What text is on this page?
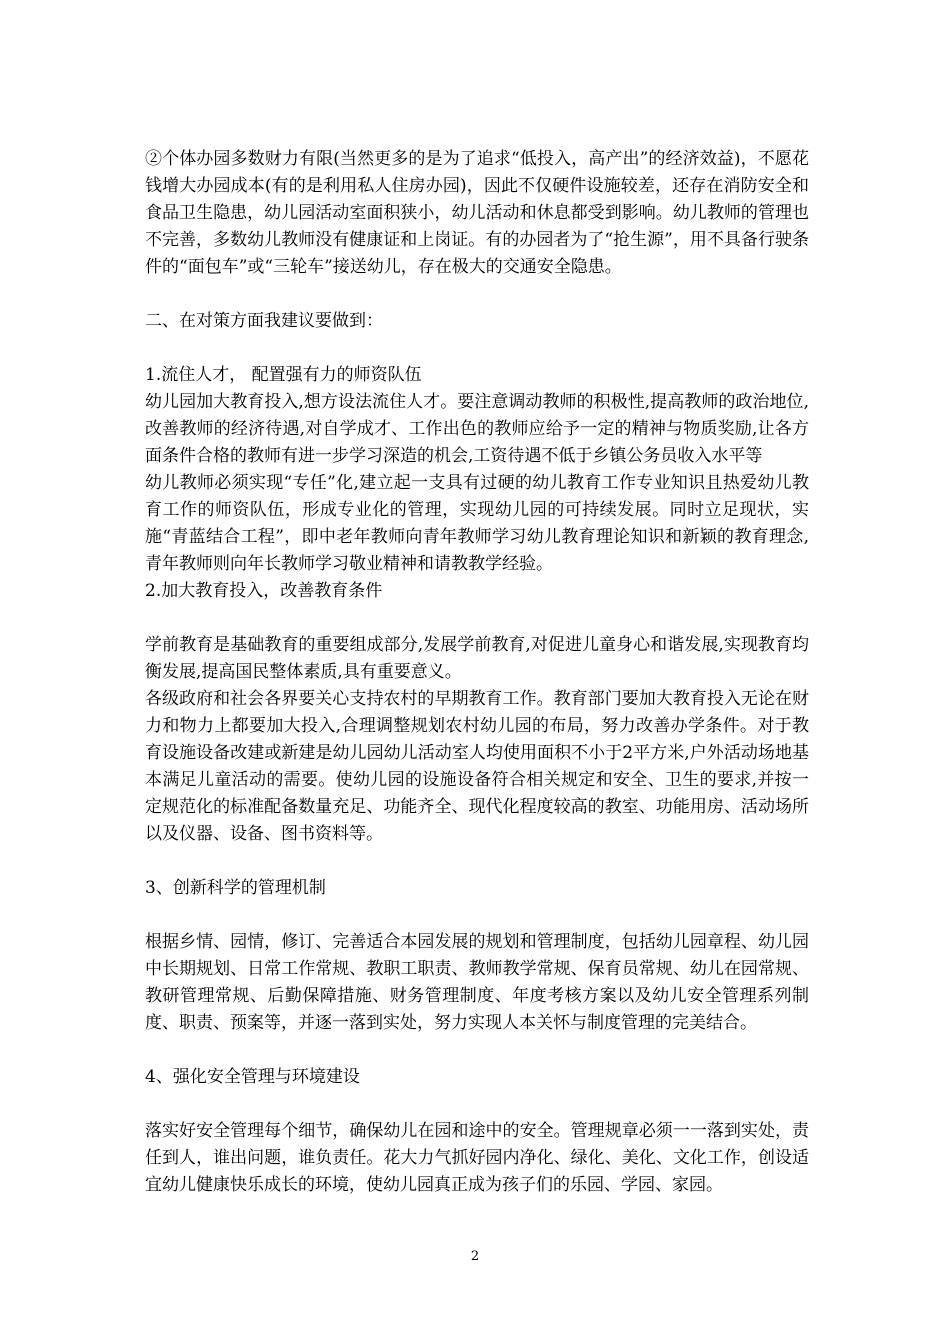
②个体办园多数财力有限(当然更多的是为了追求“低投入，高产出”的经济效益)，不愿花钱增大办园成本(有的是利用私人住房办园)，因此不仅硬件设施较差，还存在消防安全和食品卫生隐患，幼儿园活动室面积狭小，幼儿活动和休息都受到影响。幼儿教师的管理也不完善，多数幼儿教师没有健康证和上岗证。有的办园者为了“抢生源”，用不具备行驶条件的“面包车”或“三轮车”接送幼儿，存在极大的交通安全隐患。

二、在对策方面我建议要做到：

1.流住人才， 配置强有力的师资队伍

幼儿园加大教育投入,想方设法流住人才。要注意调动教师的积极性,提高教师的政治地位,改善教师的经济待遇,对自学成才、工作出色的教师应给予一定的精神与物质奖励,让各方面条件合格的教师有进一步学习深造的机会,工资待遇不低于乡镇公务员收入水平等

幼儿教师必须实现“专任”化,建立起一支具有过硬的幼儿教育工作专业知识且热爱幼儿教育工作的师资队伍，形成专业化的管理，实现幼儿园的可持续发展。同时立足现状，实施“青蓝结合工程”，即中老年教师向青年教师学习幼儿教育理论知识和新颖的教育理念,青年教师则向年长教师学习敬业精神和请教教学经验。

2.加大教育投入，改善教育条件

学前教育是基础教育的重要组成部分,发展学前教育,对促进儿童身心和谐发展,实现教育均衡发展,提高国民整体素质,具有重要意义。

各级政府和社会各界要关心支持农村的早期教育工作。教育部门要加大教育投入无论在财力和物力上都要加大投入,合理调整规划农村幼儿园的布局，努力改善办学条件。对于教育设施设备改建或新建是幼儿园幼儿活动室人均使用面积不小于2平方米,户外活动场地基本满足儿童活动的需要。使幼儿园的设施设备符合相关规定和安全、卫生的要求,并按一定规范化的标准配备数量充足、功能齐全、现代化程度较高的教室、功能用房、活动场所以及仪器、设备、图书资料等。

3、创新科学的管理机制

根据乡情、园情，修订、完善适合本园发展的规划和管理制度，包括幼儿园章程、幼儿园中长期规划、日常工作常规、教职工职责、教师教学常规、保育员常规、幼儿在园常规、教研管理常规、后勤保障措施、财务管理制度、年度考核方案以及幼儿安全管理系列制度、职责、预案等，并逐一落到实处，努力实现人本关怀与制度管理的完美结合。

4、强化安全管理与环境建设

落实好安全管理每个细节，确保幼儿在园和途中的安全。管理规章必须一一落到实处，责任到人，谁出问题，谁负责任。花大力气抓好园内净化、绿化、美化、文化工作，创设适宜幼儿健康快乐成长的环境，使幼儿园真正成为孩子们的乐园、学园、家园。

2
